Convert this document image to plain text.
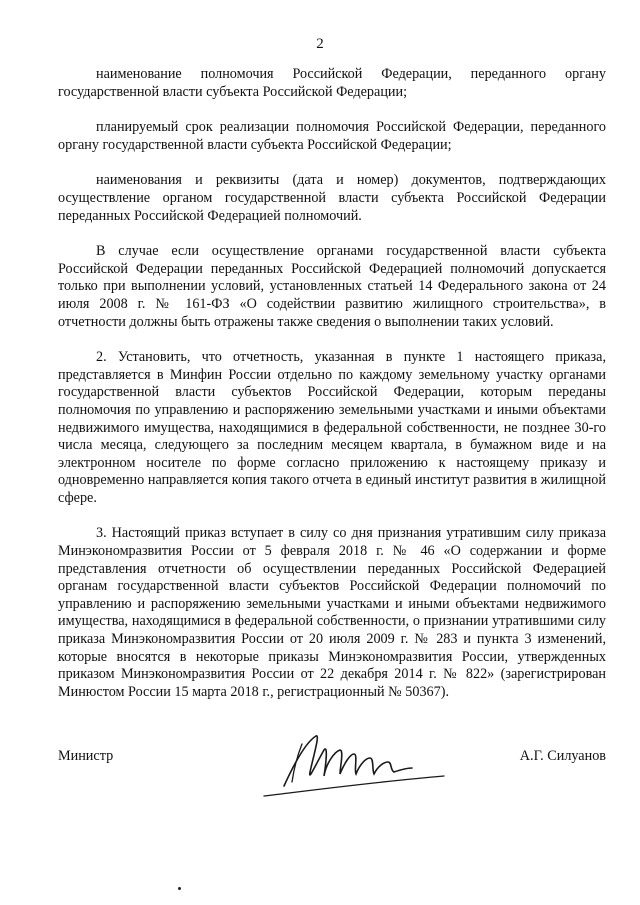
2

наименование полномочия Российской Федерации, переданного органу государственной власти субъекта Российской Федерации;

планируемый срок реализации полномочия Российской Федерации, переданного органу государственной власти субъекта Российской Федерации;

наименования и реквизиты (дата и номер) документов, подтверждающих осуществление органом государственной власти субъекта Российской Федерации переданных Российской Федерацией полномочий.

В случае если осуществление органами государственной власти субъекта Российской Федерации переданных Российской Федерацией полномочий допускается только при выполнении условий, установленных статьей 14 Федерального закона от 24 июля 2008 г. № 161-ФЗ «О содействии развитию жилищного строительства», в отчетности должны быть отражены также сведения о выполнении таких условий.

2. Установить, что отчетность, указанная в пункте 1 настоящего приказа, представляется в Минфин России отдельно по каждому земельному участку органами государственной власти субъектов Российской Федерации, которым переданы полномочия по управлению и распоряжению земельными участками и иными объектами недвижимого имущества, находящимися в федеральной собственности, не позднее 30-го числа месяца, следующего за последним месяцем квартала, в бумажном виде и на электронном носителе по форме согласно приложению к настоящему приказу и одновременно направляется копия такого отчета в единый институт развития в жилищной сфере.

3. Настоящий приказ вступает в силу со дня признания утратившим силу приказа Минэкономразвития России от 5 февраля 2018 г. № 46 «О содержании и форме представления отчетности об осуществлении переданных Российской Федерацией органам государственной власти субъектов Российской Федерации полномочий по управлению и распоряжению земельными участками и иными объектами недвижимого имущества, находящимися в федеральной собственности, о признании утратившими силу приказа Минэкономразвития России от 20 июля 2009 г. № 283 и пункта 3 изменений, которые вносятся в некоторые приказы Минэкономразвития России, утвержденных приказом Минэкономразвития России от 22 декабря 2014 г. № 822» (зарегистрирован Минюстом России 15 марта 2018 г., регистрационный № 50367).

Министр	А.Г. Силуанов
